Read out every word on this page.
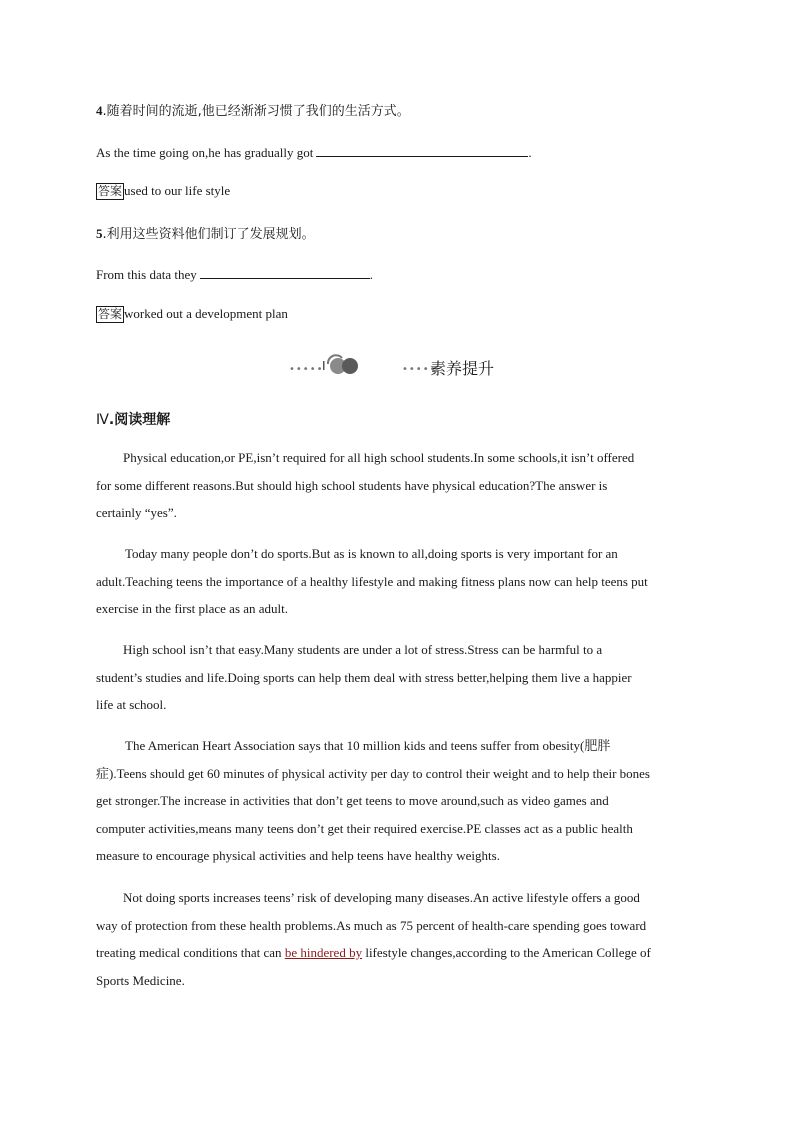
4.随着时间的流逝,他已经渐渐习惯了我们的生活方式。
As the time going on,he has gradually got	.
答案 used to our life style
5.利用这些资料他们制订了发展规划。
From this data they	.
答案 worked out a development plan
•••••	•••••
素养提升
Ⅳ.阅读理解
Physical education,or PE,isn’t required for all high school students.In some schools,it isn’t offered
for some different reasons.But should high school students have physical education?The answer is
certainly “yes”.
Today many people don’t do sports.But as is known to all,doing sports is very important for an
adult.Teaching teens the importance of a healthy lifestyle and making fitness plans now can help teens put
exercise in the first place as an adult.
High school isn’t that easy.Many students are under a lot of stress.Stress can be harmful to a
student’s studies and life.Doing sports can help them deal with stress better,helping them live a happier
life at school.
The American Heart Association says that 10 million kids and teens suffer from obesity(肥胖
症).Teens should get 60 minutes of physical activity per day to control their weight and to help their bones
get stronger.The increase in activities that don’t get teens to move around,such as video games and
computer activities,means many teens don’t get their required exercise.PE classes act as a public health
measure to encourage physical activities and help teens have healthy weights.
Not doing sports increases teens’ risk of developing many diseases.An active lifestyle offers a good
way of protection from these health problems.As much as 75 percent of health-care spending goes toward
treating medical conditions that can be hindered by lifestyle changes,according to the American College of
Sports Medicine.
